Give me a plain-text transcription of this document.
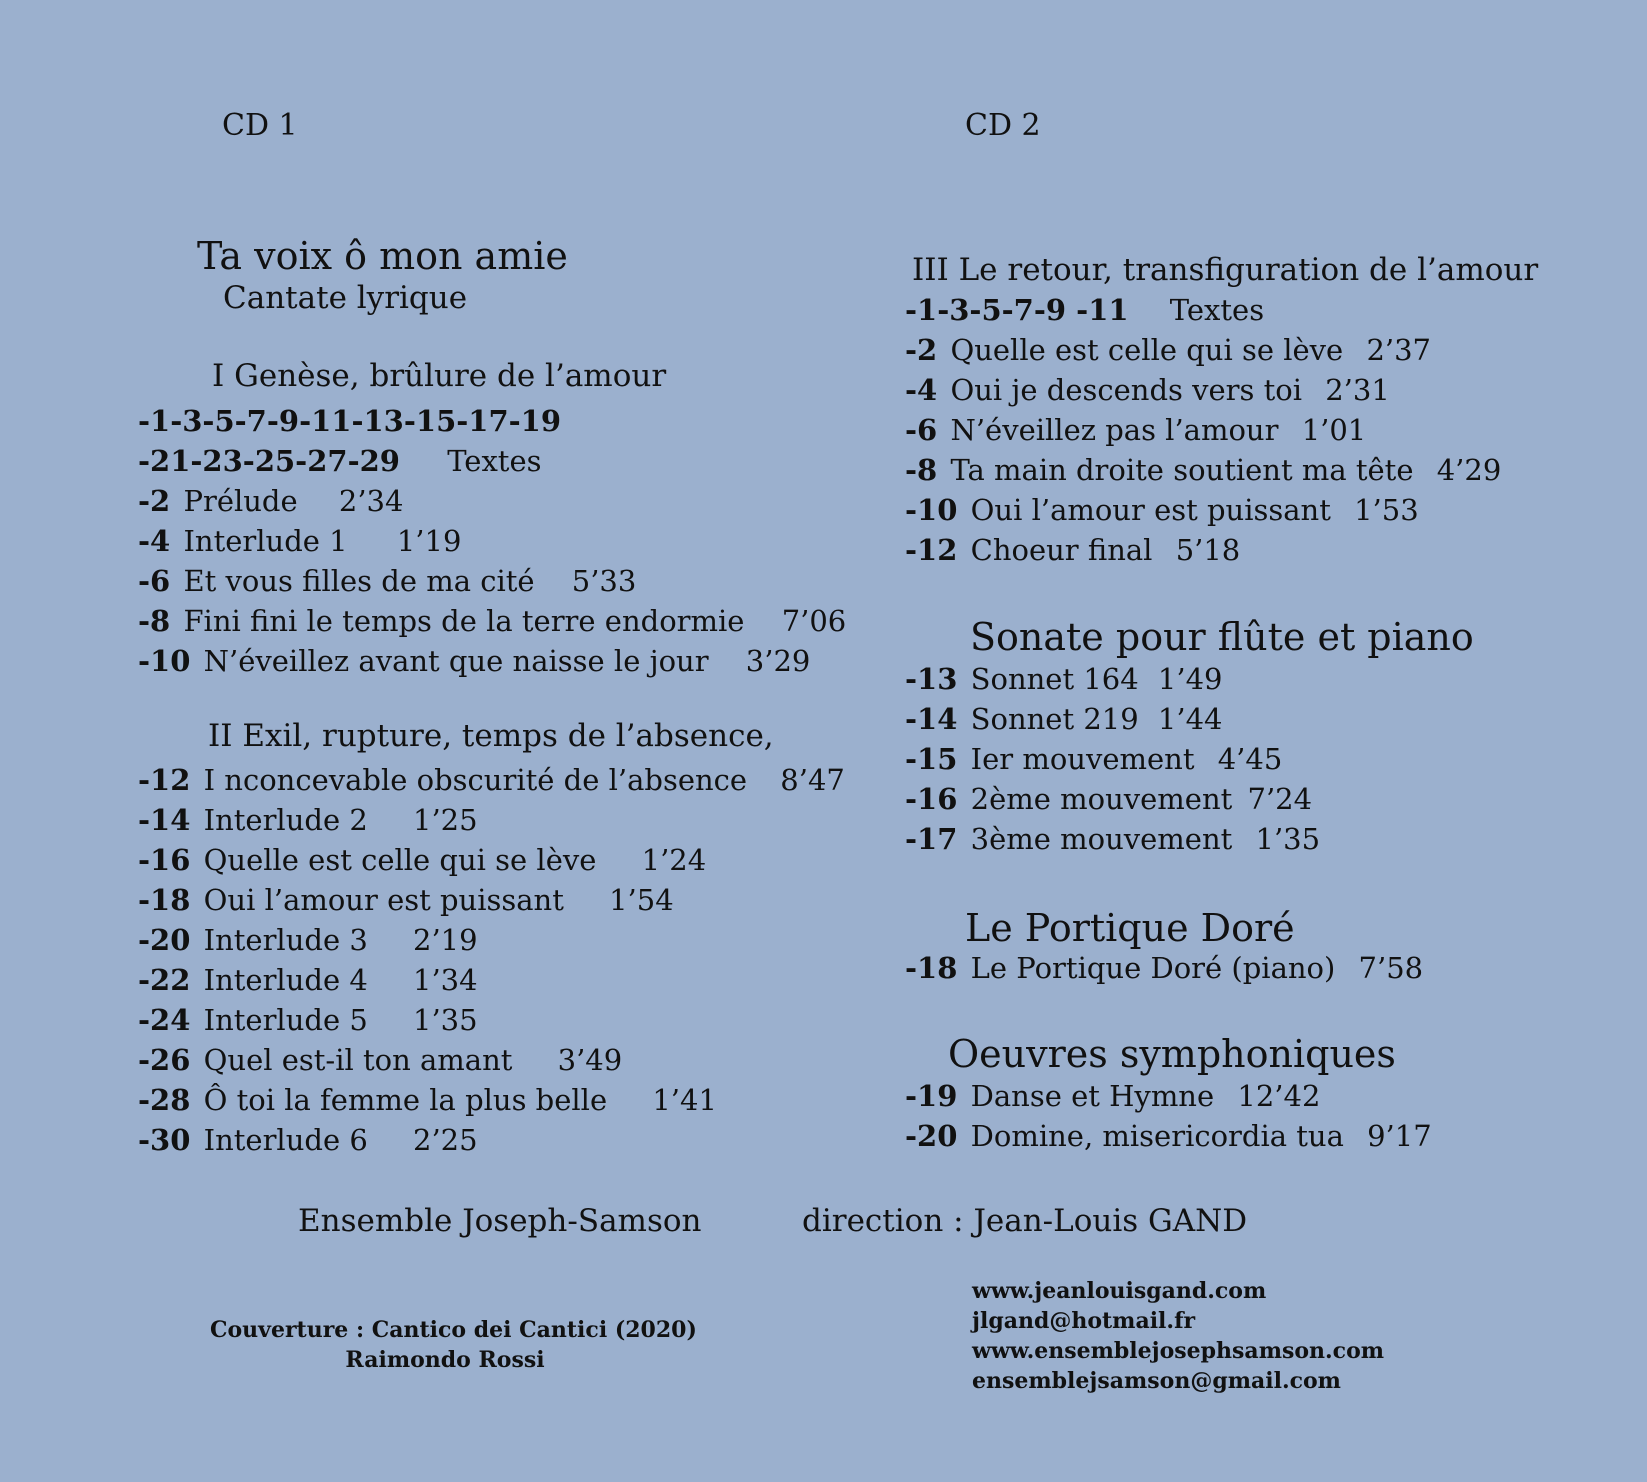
CD 1
Ta voix ô mon amie
Cantate lyrique
I Genèse, brûlure de l’amour
-1-3-5-7-9-11-13-15-17-19
-21-23-25-27-29 Textes
-2 Prélude 2’34
-4 Interlude 1 1’19
-6 Et vous filles de ma cité 5’33
-8 Fini fini le temps de la terre endormie 7’06
-10 N’éveillez avant que naisse le jour 3’29
II Exil, rupture, temps de l’absence,
-12 I nconcevable obscurité de l’absence 8’47
-14 Interlude 2 1’25
-16 Quelle est celle qui se lève 1’24
-18 Oui l’amour est puissant 1’54
-20 Interlude 3 2’19
-22 Interlude 4 1’34
-24 Interlude 5 1’35
-26 Quel est-il ton amant 3’49
-28 Ô toi la femme la plus belle 1’41
-30 Interlude 6 2’25
CD 2
III Le retour, transfiguration de l’amour
-1-3-5-7-9 -11 Textes
-2 Quelle est celle qui se lève 2’37
-4 Oui je descends vers toi 2’31
-6 N’éveillez pas l’amour 1’01
-8 Ta main droite soutient ma tête 4’29
-10 Oui l’amour est puissant 1’53
-12 Choeur final 5’18
Sonate pour flûte et piano
-13 Sonnet 164 1’49
-14 Sonnet 219 1’44
-15 Ier mouvement 4’45
-16 2ème mouvement 7’24
-17 3ème mouvement 1’35
Le Portique Doré
-18 Le Portique Doré (piano) 7’58
Oeuvres symphoniques
-19 Danse et Hymne 12’42
-20 Domine, misericordia tua 9’17
Ensemble Joseph-Samson	direction : Jean-Louis GAND
Couverture : Cantico dei Cantici (2020)
Raimondo Rossi
www.jeanlouisgand.com
jlgand@hotmail.fr
www.ensemblejosephsamson.com
ensemblejsamson@gmail.com
